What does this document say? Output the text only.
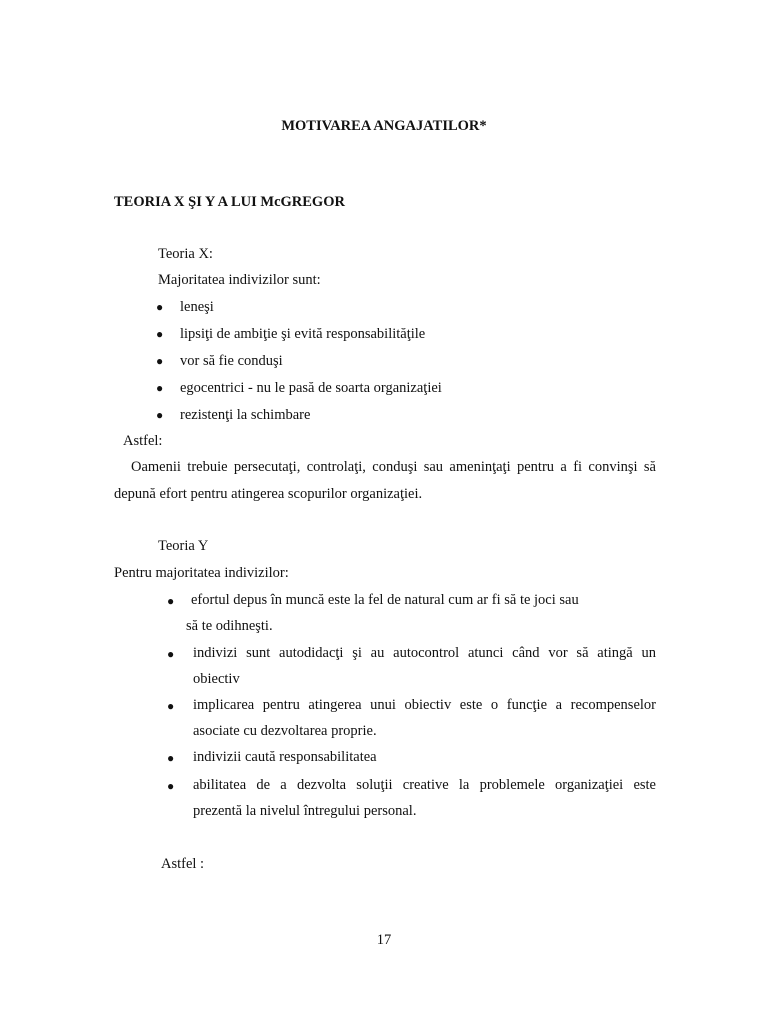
MOTIVAREA ANGAJATILOR*
TEORIA X ŞI Y A LUI McGREGOR
Teoria X:
Majoritatea indivizilor sunt:
● leneşi
● lipsiţi de ambiţie şi evită responsabilităţile
● vor să fie conduşi
● egocentrici - nu le pasă de soarta organizaţiei
● rezistenţi la schimbare
Astfel:
Oamenii trebuie persecutaţi, controlaţi, conduşi sau ameninţaţi pentru a fi convinşi să
depună efort pentru atingerea scopurilor organizaţiei.
Teoria Y
Pentru majoritatea indivizilor:
● efortul depus în muncă este la fel de natural cum ar fi să te joci sau
să te odihneşti.
● indivizi sunt autodidacţi şi au autocontrol atunci când vor să atingă un
obiectiv
● implicarea pentru atingerea unui obiectiv este o funcţie a recompenselor
asociate cu dezvoltarea proprie.
● indivizii caută responsabilitatea
● abilitatea de a dezvolta soluţii creative la problemele organizaţiei este
prezentă la nivelul întregului personal.
Astfel :
17
